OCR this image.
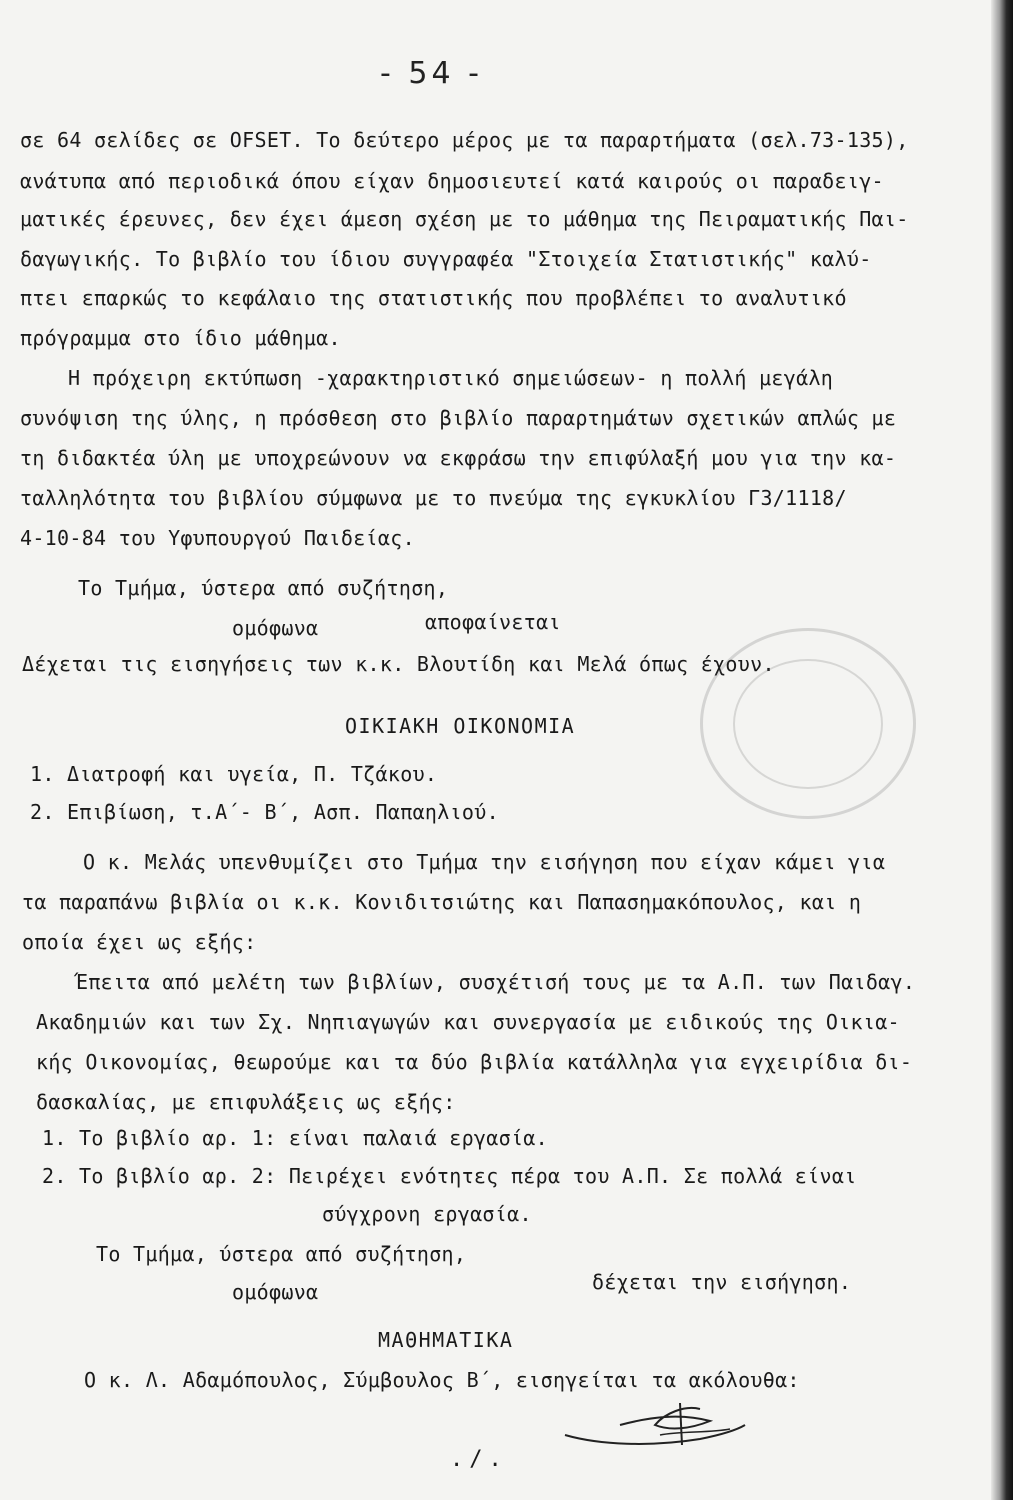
- 54 -
σε 64 σελίδες σε OFSET. Το δεύτερο μέρος με τα παραρτήματα (σελ.73-135),
ανάτυπα από περιοδικά όπου είχαν δημοσιευτεί κατά καιρούς οι παραδειγ-
ματικές έρευνες, δεν έχει άμεση σχέση με το μάθημα της Πειραματικής Παι-
δαγωγικής. Το βιβλίο του ίδιου συγγραφέα "Στοιχεία Στατιστικής" καλύ-
πτει επαρκώς το κεφάλαιο της στατιστικής που προβλέπει το αναλυτικό
πρόγραμμα στο ίδιο μάθημα.
Η πρόχειρη εκτύπωση -χαρακτηριστικό σημειώσεων- η πολλή μεγάλη
συνόψιση της ύλης, η πρόσθεση στο βιβλίο παραρτημάτων σχετικών απλώς με
τη διδακτέα ύλη με υποχρεώνουν να εκφράσω την επιφύλαξή μου για την κα-
ταλληλότητα του βιβλίου σύμφωνα με το πνεύμα της εγκυκλίου Γ3/1118/
4-10-84 του Υφυπουργού Παιδείας.
Το Τμήμα, ύστερα από συζήτηση,
ομόφωνα	αποφαίνεται
Δέχεται τις εισηγήσεις των κ.κ. Βλουτίδη και Μελά όπως έχουν.
ΟΙΚΙΑΚΗ ΟΙΚΟΝΟΜΙΑ
1. Διατροφή και υγεία, Π. Τζάκου.
2. Επιβίωση, τ.Α΄- Β΄, Ασπ. Παπαηλιού.
Ο κ. Μελάς υπενθυμίζει στο Τμήμα την εισήγηση που είχαν κάμει για
τα παραπάνω βιβλία οι κ.κ. Κονιδιτσιώτης και Παπασημακόπουλος, και η
οποία έχει ως εξής:
Έπειτα από μελέτη των βιβλίων, συσχέτισή τους με τα Α.Π. των Παιδαγ.
Ακαδημιών και των Σχ. Νηπιαγωγών και συνεργασία με ειδικούς της Οικια-
κής Οικονομίας, θεωρούμε και τα δύο βιβλία κατάλληλα για εγχειρίδια δι-
δασκαλίας, με επιφυλάξεις ως εξής:
1. Το βιβλίο αρ. 1: είναι παλαιά εργασία.
2. Το βιβλίο αρ. 2: Πειρέχει ενότητες πέρα του Α.Π. Σε πολλά είναι
σύγχρονη εργασία.
Το Τμήμα, ύστερα από συζήτηση,
ομόφωνα	δέχεται την εισήγηση.
ΜΑΘΗΜΑΤΙΚΑ
Ο κ. Λ. Αδαμόπουλος, Σύμβουλος Β΄, εισηγείται τα ακόλουθα:
./.
